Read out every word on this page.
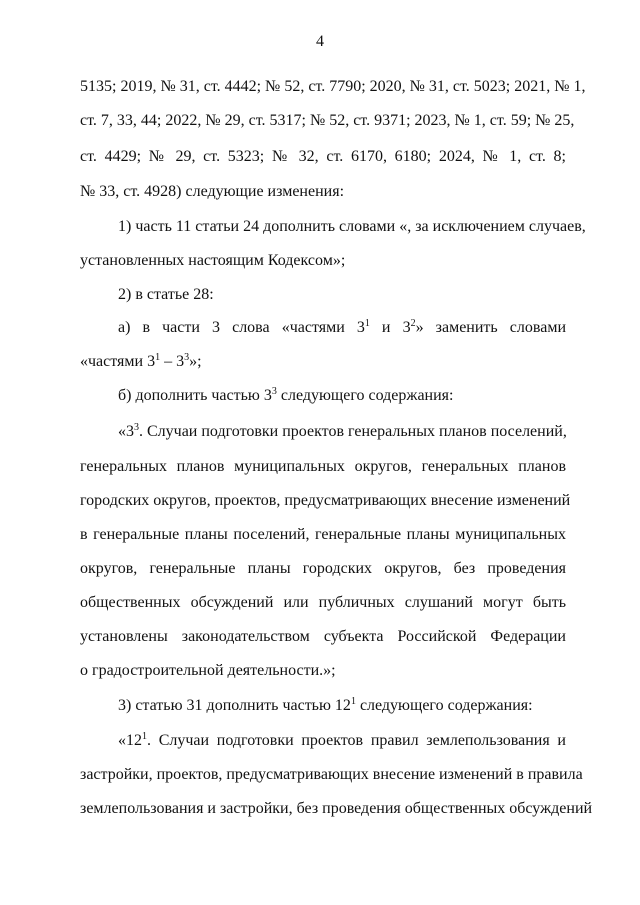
4
5135; 2019, № 31, ст. 4442; № 52, ст. 7790; 2020, № 31, ст. 5023; 2021, № 1,
ст. 7, 33, 44; 2022, № 29, ст. 5317; № 52, ст. 9371; 2023, № 1, ст. 59; № 25,
ст. 4429; № 29, ст. 5323; № 32, ст. 6170, 6180; 2024, № 1, ст. 8;
№ 33, ст. 4928) следующие изменения:
1) часть 11 статьи 24 дополнить словами «, за исключением случаев,
установленных настоящим Кодексом»;
2) в статье 28:
а) в части 3 слова «частями $3^1$ и $3^2$» заменить словами
«частями $3^1 - 3^3$»;
б) дополнить частью $3^3$ следующего содержания:
«$3^3$. Случаи подготовки проектов генеральных планов поселений,
генеральных планов муниципальных округов, генеральных планов
городских округов, проектов, предусматривающих внесение изменений
в генеральные планы поселений, генеральные планы муниципальных
округов, генеральные планы городских округов, без проведения
общественных обсуждений или публичных слушаний могут быть
установлены законодательством субъекта Российской Федерации
о градостроительной деятельности.»;
3) статью 31 дополнить частью $12^1$ следующего содержания:
«$12^1$. Случаи подготовки проектов правил землепользования и
застройки, проектов, предусматривающих внесение изменений в правила
землепользования и застройки, без проведения общественных обсуждений
